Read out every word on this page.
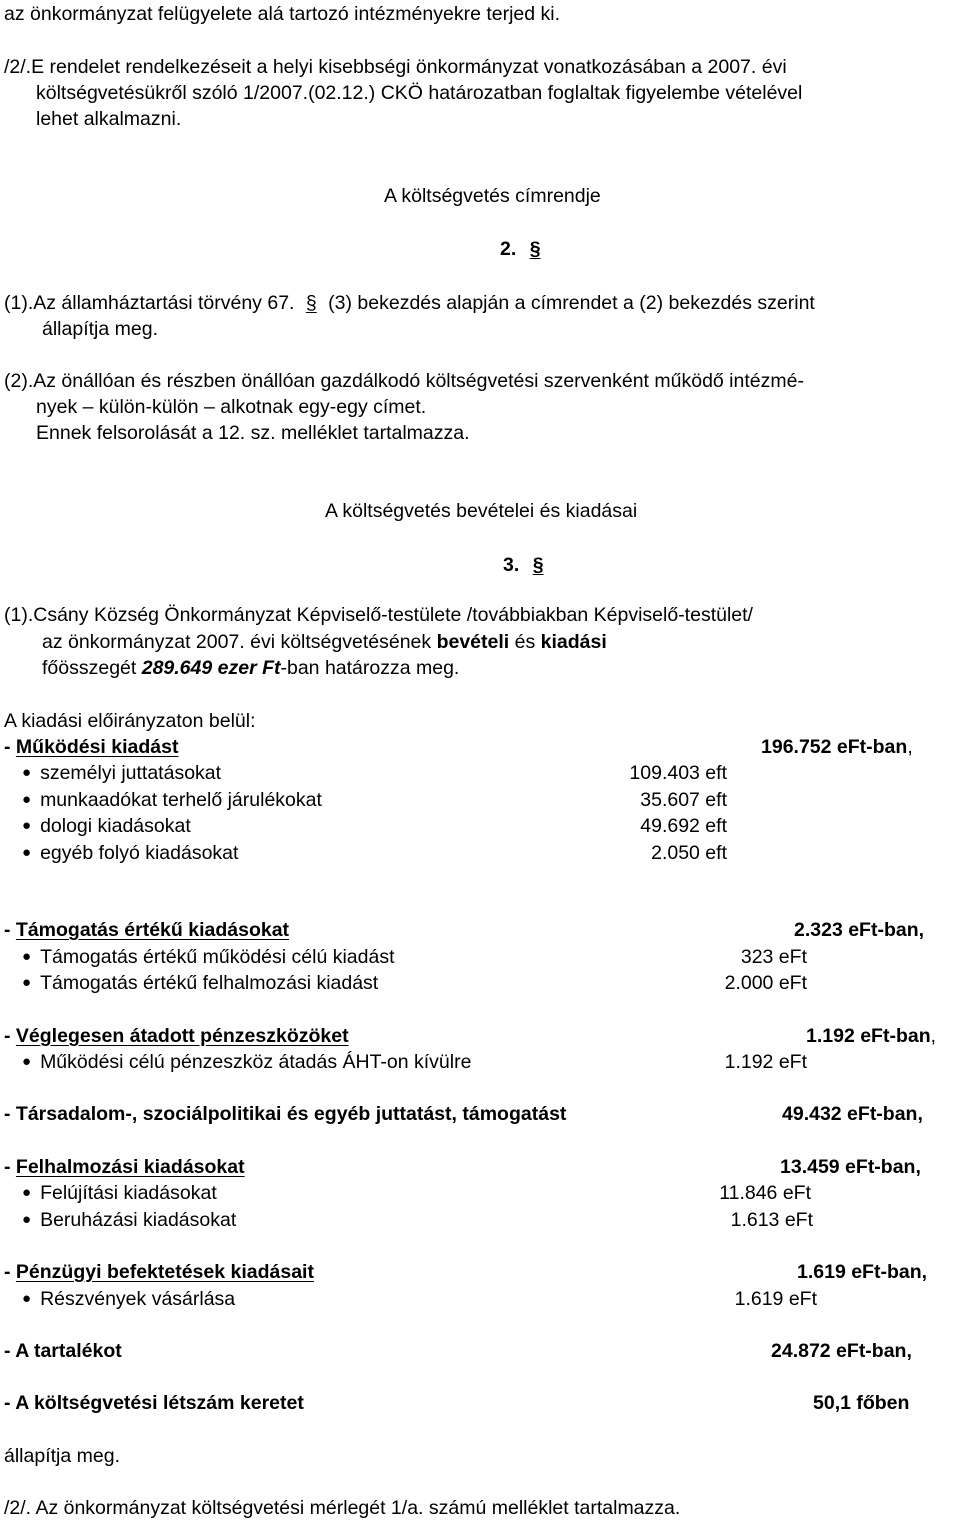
az önkormányzat felügyelete alá tartozó intézményekre terjed ki.
/2/.E rendelet rendelkezéseit a helyi kisebbségi önkormányzat vonatkozásában a 2007. évi
költségvetésükről szóló 1/2007.(02.12.) CKÖ határozatban foglaltak figyelembe vételével
lehet alkalmazni.
A költségvetés címrendje
2. §
(1).Az államháztartási törvény 67. § (3) bekezdés alapján a címrendet a (2) bekezdés szerint
állapítja meg.
(2).Az önállóan és részben önállóan gazdálkodó költségvetési szervenként működő intézmé-
nyek – külön-külön – alkotnak egy-egy címet.
Ennek felsorolását a 12. sz. melléklet tartalmazza.
A költségvetés bevételei és kiadásai
3. §
(1).Csány Község Önkormányzat Képviselő-testülete /továbbiakban Képviselő-testület/
az önkormányzat 2007. évi költségvetésének bevételi és kiadási
főösszegét 289.649 ezer Ft-ban határozza meg.
A kiadási előirányzaton belül:
- Működési kiadást	196.752 eFt-ban,
● személyi juttatásokat	109.403 eft
● munkaadókat terhelő járulékokat	35.607 eft
● dologi kiadásokat	49.692 eft
● egyéb folyó kiadásokat	2.050 eft
- Támogatás értékű kiadásokat	2.323 eFt-ban,
● Támogatás értékű működési célú kiadást	323 eFt
● Támogatás értékű felhalmozási kiadást	2.000 eFt
- Véglegesen átadott pénzeszközöket	1.192 eFt-ban,
● Működési célú pénzeszköz átadás ÁHT-on kívülre	1.192 eFt
- Társadalom-, szociálpolitikai és egyéb juttatást, támogatást	49.432 eFt-ban,
- Felhalmozási kiadásokat	13.459 eFt-ban,
● Felújítási kiadásokat	11.846 eFt
● Beruházási kiadásokat	1.613 eFt
- Pénzügyi befektetések kiadásait	1.619 eFt-ban,
● Részvények vásárlása	1.619 eFt
- A tartalékot	24.872 eFt-ban,
- A költségvetési létszám keretet	50,1 főben
állapítja meg.
/2/. Az önkormányzat költségvetési mérlegét 1/a. számú melléklet tartalmazza.
